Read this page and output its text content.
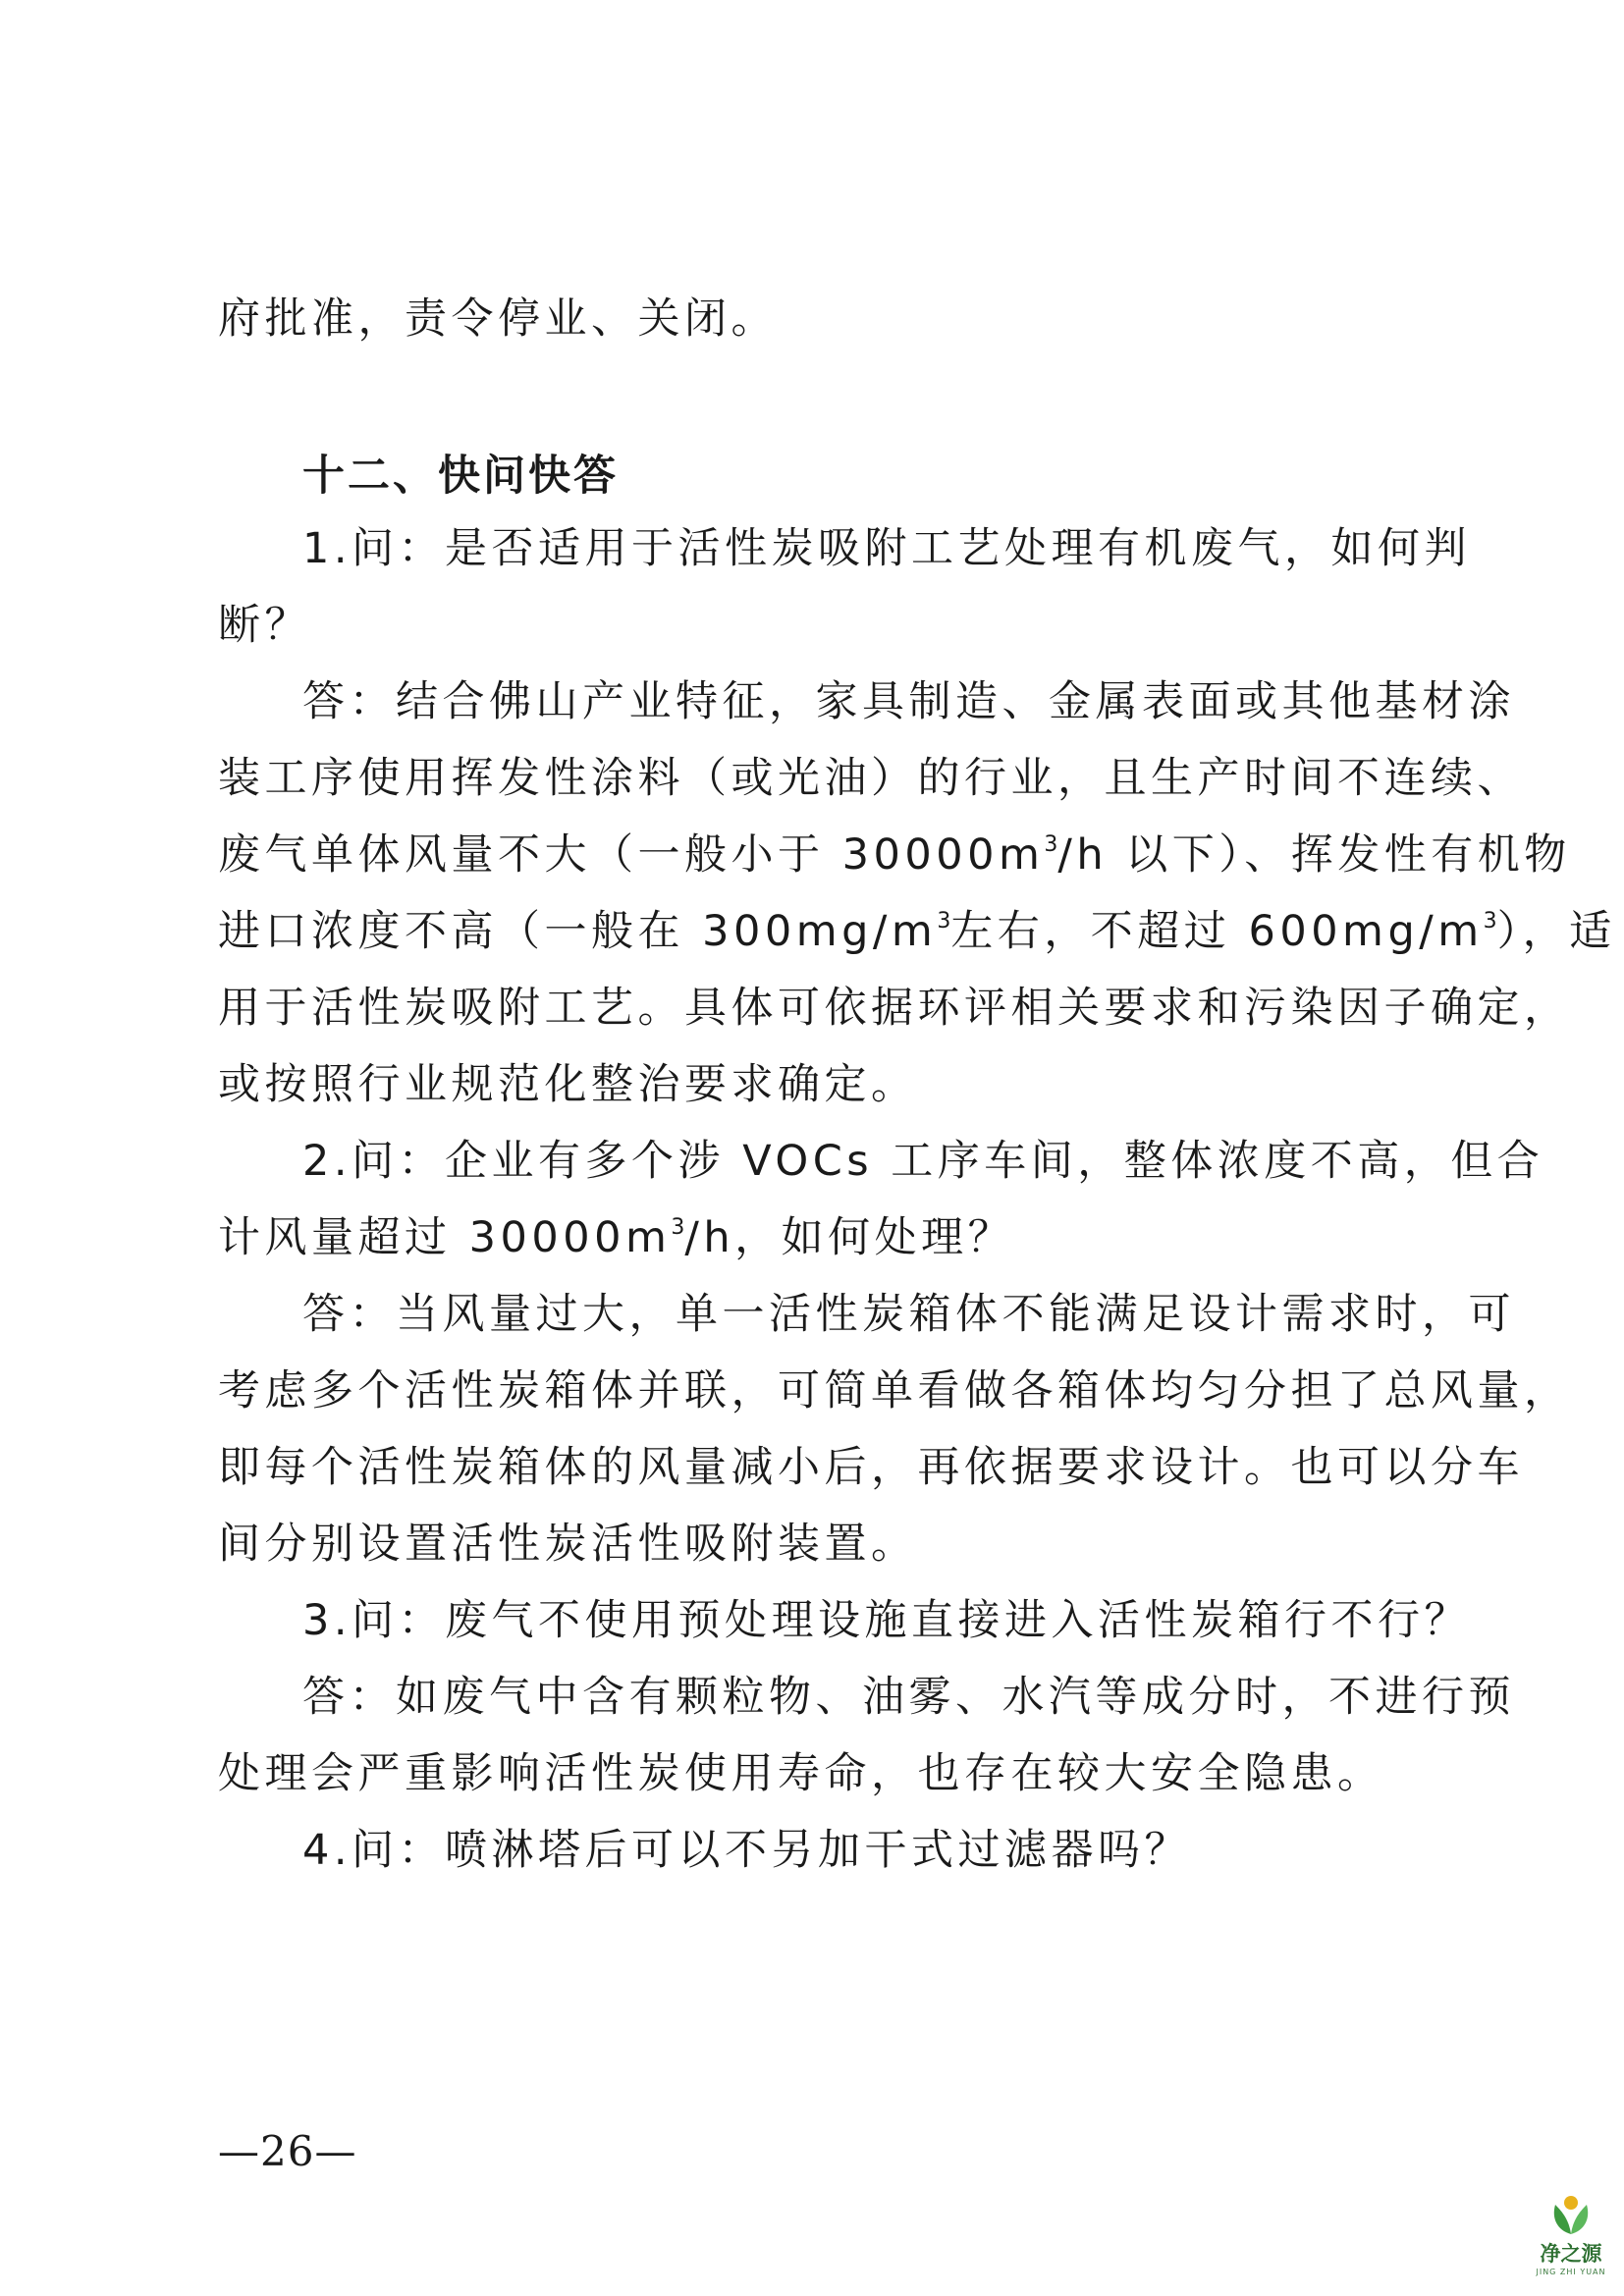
府批准，责令停业、关闭。
十二、快问快答
1.问：是否适用于活性炭吸附工艺处理有机废气，如何判
断？
答：结合佛山产业特征，家具制造、金属表面或其他基材涂
装工序使用挥发性涂料（或光油）的行业，且生产时间不连续、
废气单体风量不大（一般小于 $30000m^3/h$ 以下）、挥发性有机物
进口浓度不高（一般在 $300mg/m^3$左右，不超过 $600mg/m^3$），适
用于活性炭吸附工艺。具体可依据环评相关要求和污染因子确定，
或按照行业规范化整治要求确定。
2.问：企业有多个涉 VOCs 工序车间，整体浓度不高，但合
计风量超过 $30000m^3/h$，如何处理？
答：当风量过大，单一活性炭箱体不能满足设计需求时，可
考虑多个活性炭箱体并联，可简单看做各箱体均匀分担了总风量，
即每个活性炭箱体的风量减小后，再依据要求设计。也可以分车
间分别设置活性炭活性吸附装置。
3.问：废气不使用预处理设施直接进入活性炭箱行不行？
答：如废气中含有颗粒物、油雾、水汽等成分时，不进行预
处理会严重影响活性炭使用寿命，也存在较大安全隐患。
4.问：喷淋塔后可以不另加干式过滤器吗？
—26—
净之源
JING ZHI YUAN
